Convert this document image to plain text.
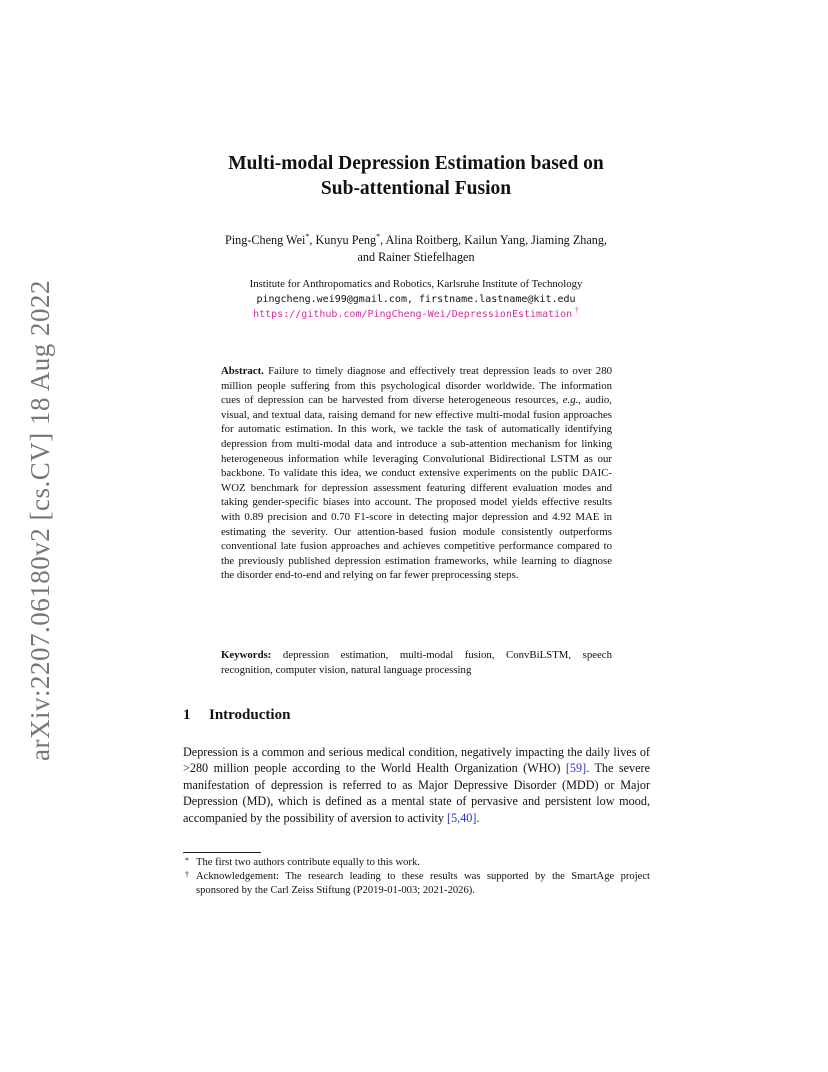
arXiv:2207.06180v2 [cs.CV] 18 Aug 2022
Multi-modal Depression Estimation based on
Sub-attentional Fusion
Ping-Cheng Wei*, Kunyu Peng*, Alina Roitberg, Kailun Yang, Jiaming Zhang,
and Rainer Stiefelhagen
Institute for Anthropomatics and Robotics, Karlsruhe Institute of Technology
pingcheng.wei99@gmail.com, firstname.lastname@kit.edu
https://github.com/PingCheng-Wei/DepressionEstimation †
Abstract. Failure to timely diagnose and effectively treat depression leads to over 280 million people suffering from this psychological disorder worldwide. The information cues of depression can be harvested from diverse heterogeneous resources, e.g., audio, visual, and textual data, raising demand for new effective multi-modal fusion approaches for automatic estimation. In this work, we tackle the task of automatically identifying depression from multi-modal data and introduce a sub-attention mechanism for linking heterogeneous information while leveraging Convolutional Bidirectional LSTM as our backbone. To validate this idea, we conduct extensive experiments on the public DAIC-WOZ benchmark for depression assessment featuring different evaluation modes and taking gender-specific biases into account. The proposed model yields effective results with 0.89 precision and 0.70 F1-score in detecting major depression and 4.92 MAE in estimating the severity. Our attention-based fusion module consistently outperforms conventional late fusion approaches and achieves competitive performance compared to the previously published depression estimation frameworks, while learning to diagnose the disorder end-to-end and relying on far fewer preprocessing steps.
Keywords: depression estimation, multi-modal fusion, ConvBiLSTM, speech recognition, computer vision, natural language processing
1 Introduction
Depression is a common and serious medical condition, negatively impacting the daily lives of >280 million people according to the World Health Organization (WHO) [59]. The severe manifestation of depression is referred to as Major Depressive Disorder (MDD) or Major Depression (MD), which is defined as a mental state of pervasive and persistent low mood, accompanied by the possibility of aversion to activity [5,40].
* The first two authors contribute equally to this work.
† Acknowledgement: The research leading to these results was supported by the SmartAge project sponsored by the Carl Zeiss Stiftung (P2019-01-003; 2021-2026).
